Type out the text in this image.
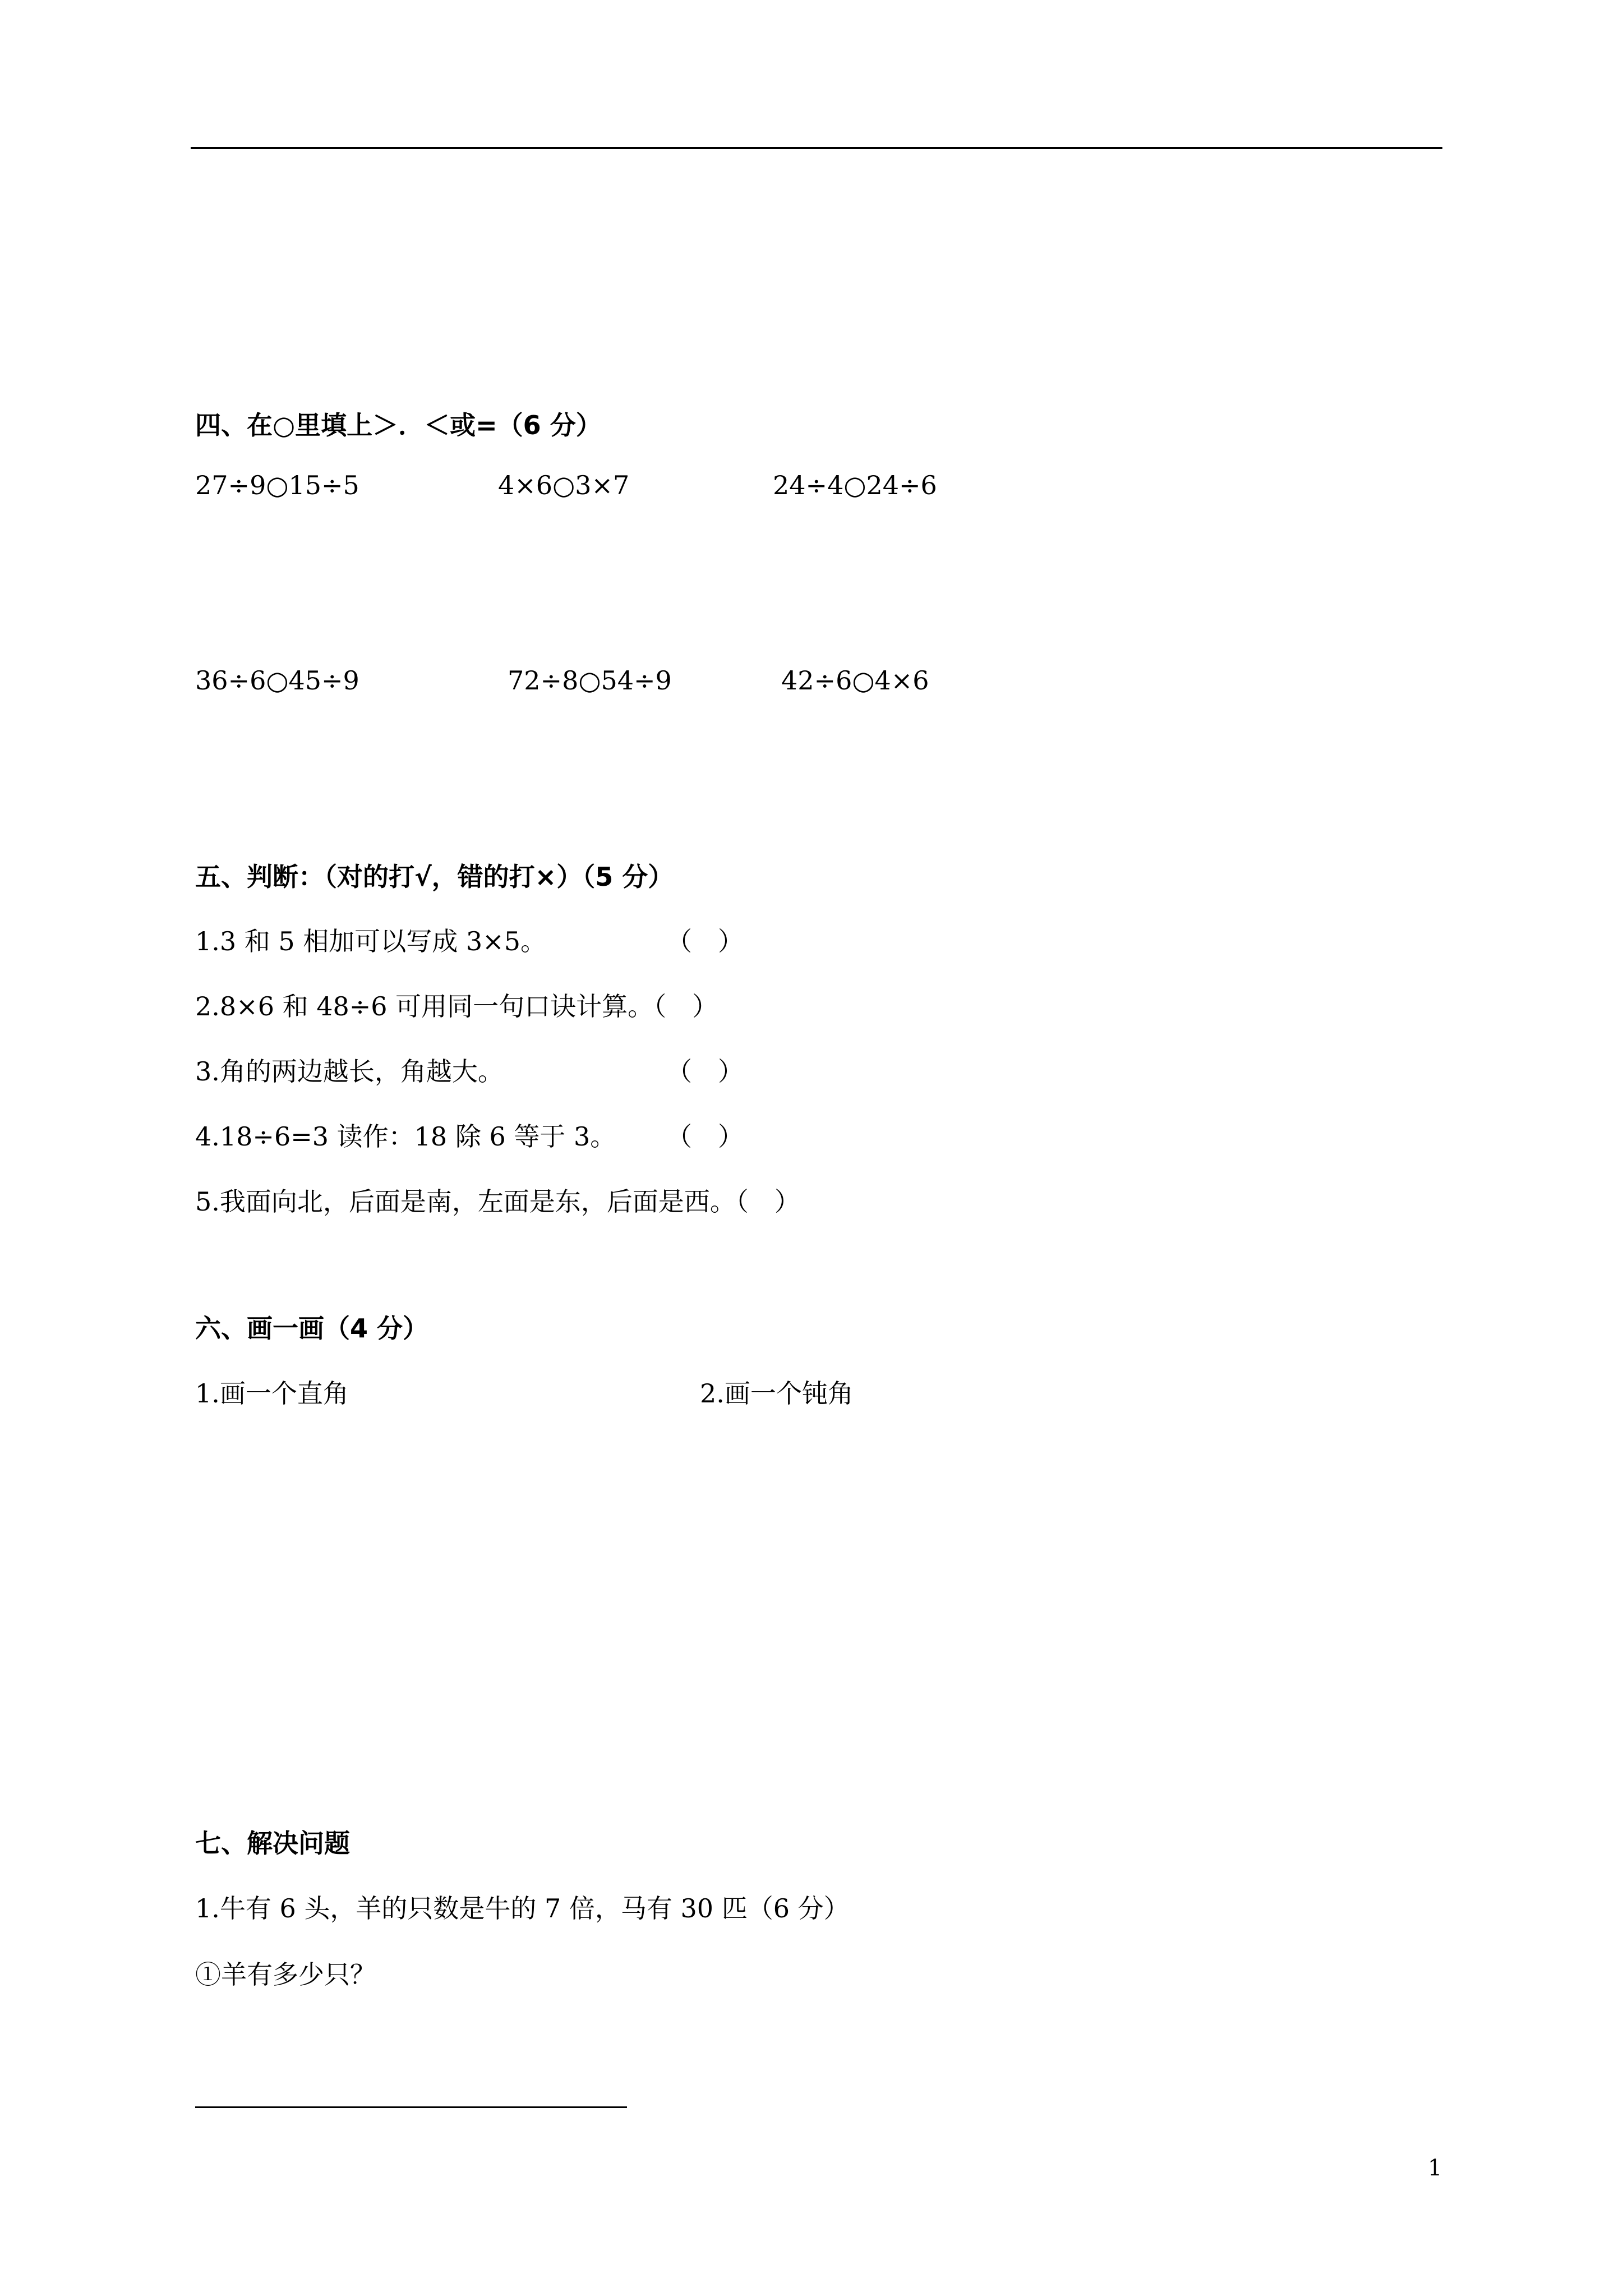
四、在○里填上＞．＜或=（6 分）
27÷9○15÷5	4×6○3×7	24÷4○24÷6
36÷6○45÷9	72÷8○54÷9	42÷6○4×6
五、判断：（对的打√，错的打×）（5 分）
1.3 和 5 相加可以写成 3×5。	（　）
2.8×6 和 48÷6 可用同一句口诀计算。（　）
3.角的两边越长，角越大。	（　）
4.18÷6=3 读作：18 除 6 等于 3。 （　）
5.我面向北，后面是南，左面是东，后面是西。（　）
六、画一画（4 分）
1.画一个直角	2.画一个钝角
七、解决问题
1.牛有 6 头，羊的只数是牛的 7 倍，马有 30 匹（6 分）
①羊有多少只？
1
